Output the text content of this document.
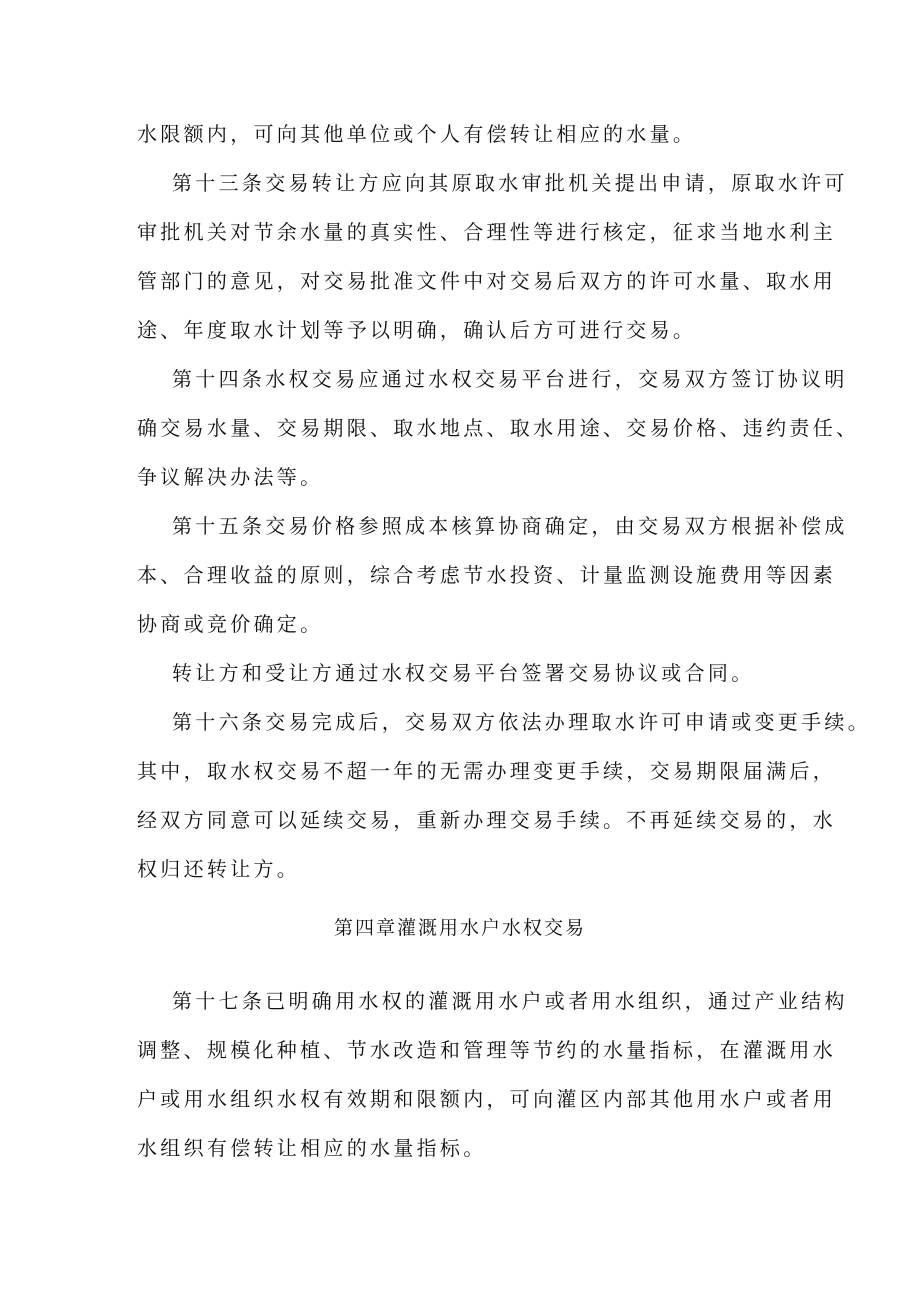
水限额内，可向其他单位或个人有偿转让相应的水量。
第十三条交易转让方应向其原取水审批机关提出申请，原取水许可
审批机关对节余水量的真实性、合理性等进行核定，征求当地水利主
管部门的意见，对交易批准文件中对交易后双方的许可水量、取水用
途、年度取水计划等予以明确，确认后方可进行交易。
第十四条水权交易应通过水权交易平台进行，交易双方签订协议明
确交易水量、交易期限、取水地点、取水用途、交易价格、违约责任、
争议解决办法等。
第十五条交易价格参照成本核算协商确定，由交易双方根据补偿成
本、合理收益的原则，综合考虑节水投资、计量监测设施费用等因素
协商或竞价确定。
转让方和受让方通过水权交易平台签署交易协议或合同。
第十六条交易完成后，交易双方依法办理取水许可申请或变更手续。
其中，取水权交易不超一年的无需办理变更手续，交易期限届满后，
经双方同意可以延续交易，重新办理交易手续。不再延续交易的，水
权归还转让方。
第四章灌溉用水户水权交易
第十七条已明确用水权的灌溉用水户或者用水组织，通过产业结构
调整、规模化种植、节水改造和管理等节约的水量指标，在灌溉用水
户或用水组织水权有效期和限额内，可向灌区内部其他用水户或者用
水组织有偿转让相应的水量指标。
